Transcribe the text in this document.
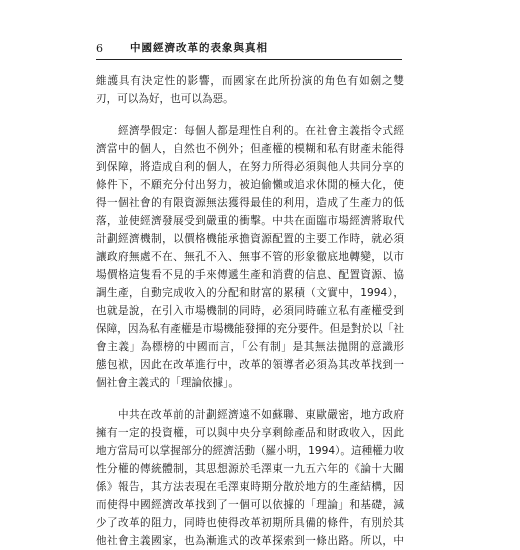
6	中國經濟改革的表象與真相
維護具有決定性的影響，而國家在此所扮演的角色有如劍之雙
刃，可以為好，也可以為惡。
經濟學假定：每個人都是理性自利的。在社會主義指令式經
濟當中的個人，自然也不例外；但產權的模糊和私有財產未能得
到保障，將造成自利的個人，在努力所得必須與他人共同分享的
條件下，不願充分付出努力，被迫偷懶或追求休閒的極大化，使
得一個社會的有限資源無法獲得最佳的利用，造成了生產力的低
落，並使經濟發展受到嚴重的衝擊。中共在面臨市場經濟將取代
計劃經濟機制，以價格機能承擔資源配置的主要工作時，就必須
讓政府無處不在、無孔不入、無事不管的形象徹底地轉變，以市
場價格這隻看不見的手來傳遞生產和消費的信息、配置資源、協
調生產，自動完成收入的分配和財富的累積（文實中，1994），
也就是說，在引入市場機制的同時，必須同時確立私有產權受到
保障，因為私有產權是市場機能發揮的充分要件。但是對於以「社
會主義」為標榜的中國而言，「公有制」是其無法拋開的意識形
態包袱，因此在改革進行中，改革的領導者必須為其改革找到一
個社會主義式的「理論依據」。
中共在改革前的計劃經濟遠不如蘇聯、東歐嚴密，地方政府
擁有一定的投資權，可以與中央分享剩餘產品和財政收入，因此
地方當局可以掌握部分的經濟活動（羅小明，1994）。這種權力收
性分權的傳統體制，其思想源於毛澤東一九五六年的《論十大關
係》報告，其方法表現在毛澤東時期分散於地方的生產結構，因
而使得中國經濟改革找到了一個可以依據的「理論」和基礎，減
少了改革的阻力，同時也使得改革初期所具備的條件，有別於其
他社會主義國家，也為漸進式的改革探索到一條出路。所以，中
